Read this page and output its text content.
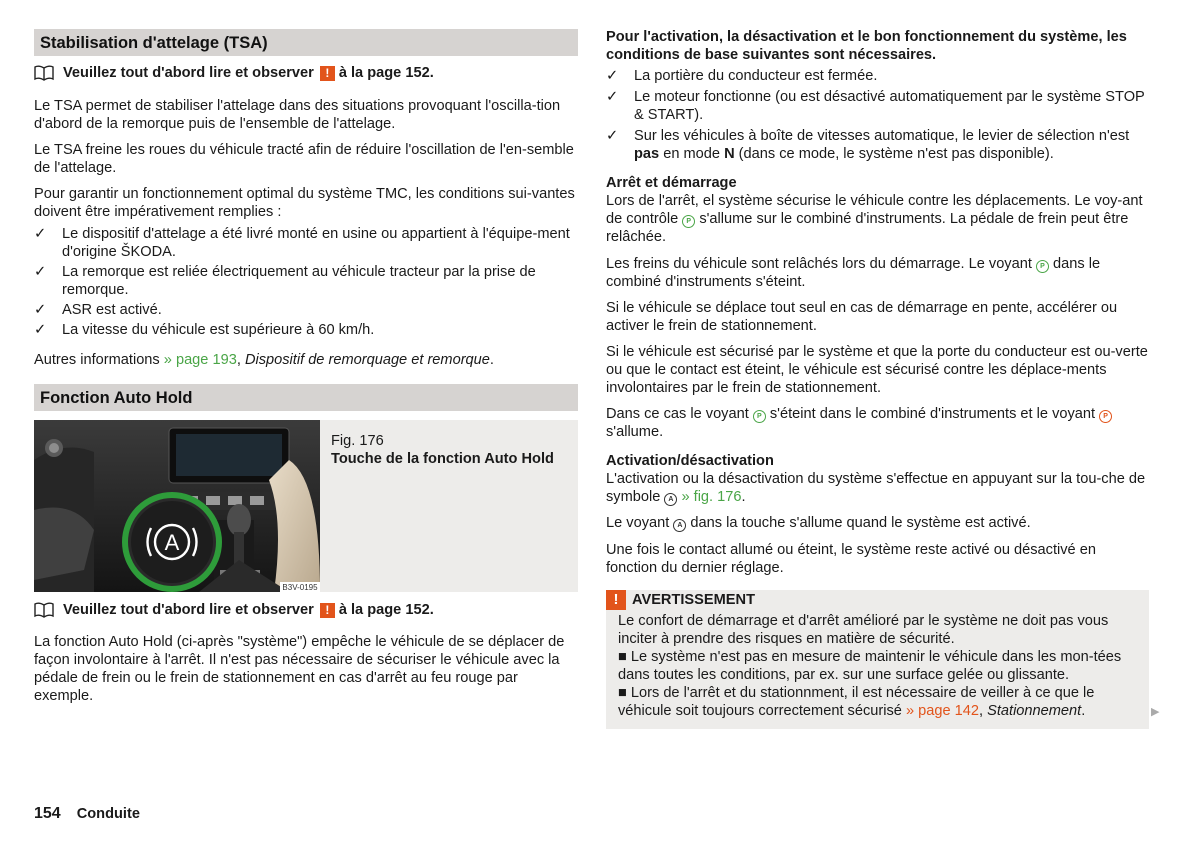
Stabilisation d'attelage (TSA)
Veuillez tout d'abord lire et observer ! à la page 152.

Le TSA permet de stabiliser l'attelage dans des situations provoquant l'oscilla-tion d'abord de la remorque puis de l'ensemble de l'attelage.

Le TSA freine les roues du véhicule tracté afin de réduire l'oscillation de l'en-semble de l'attelage.

Pour garantir un fonctionnement optimal du système TMC, les conditions sui-vantes doivent être impérativement remplies :

✓ Le dispositif d'attelage a été livré monté en usine ou appartient à l'équipe-ment d'origine ŠKODA.
✓ La remorque est reliée électriquement au véhicule tracteur par la prise de remorque.
✓ ASR est activé.
✓ La vitesse du véhicule est supérieure à 60 km/h.

Autres informations » page 193, Dispositif de remorquage et remorque.

Fonction Auto Hold
A
B3V-0195
Fig. 176
Touche de la fonction Auto Hold
Veuillez tout d'abord lire et observer ! à la page 152.

La fonction Auto Hold (ci-après "système") empêche le véhicule de se déplacer de façon involontaire à l'arrêt. Il n'est pas nécessaire de sécuriser le véhicule avec la pédale de frein ou le frein de stationnement en cas d'arrêt au feu rouge par exemple.

Pour l'activation, la désactivation et le bon fonctionnement du système, les conditions de base suivantes sont nécessaires.

✓ La portière du conducteur est fermée.
✓ Le moteur fonctionne (ou est désactivé automatiquement par le système STOP & START).
✓ Sur les véhicules à boîte de vitesses automatique, le levier de sélection n'est pas en mode N (dans ce mode, le système n'est pas disponible).
Arrêt et démarrage

Lors de l'arrêt, el système sécurise le véhicule contre les déplacements. Le voy-ant de contrôle P s'allume sur le combiné d'instruments. La pédale de frein peut être relâchée.

Les freins du véhicule sont relâchés lors du démarrage. Le voyant P dans le combiné d'instruments s'éteint.

Si le véhicule se déplace tout seul en cas de démarrage en pente, accélérer ou activer le frein de stationnement.

Si le véhicule est sécurisé par le système et que la porte du conducteur est ou-verte ou que le contact est éteint, le véhicule est sécurisé contre les déplace-ments involontaires par le frein de stationnement.

Dans ce cas le voyant P s'éteint dans le combiné d'instruments et le voyant P s'allume.

Activation/désactivation

L'activation ou la désactivation du système s'effectue en appuyant sur la tou-che de symbole A » fig. 176.

Le voyant A dans la touche s'allume quand le système est activé.

Une fois le contact allumé ou éteint, le système reste activé ou désactivé en fonction du dernier réglage.

! AVERTISSEMENT
Le confort de démarrage et d'arrêt amélioré par le système ne doit pas vous inciter à prendre des risques en matière de sécurité.
■ Le système n'est pas en mesure de maintenir le véhicule dans les mon-tées dans toutes les conditions, par ex. sur une surface gelée ou glissante.
■ Lors de l'arrêt et du stationnment, il est nécessaire de veiller à ce que le véhicule soit toujours correctement sécurisé » page 142, Stationnement.	▶
154 Conduite
